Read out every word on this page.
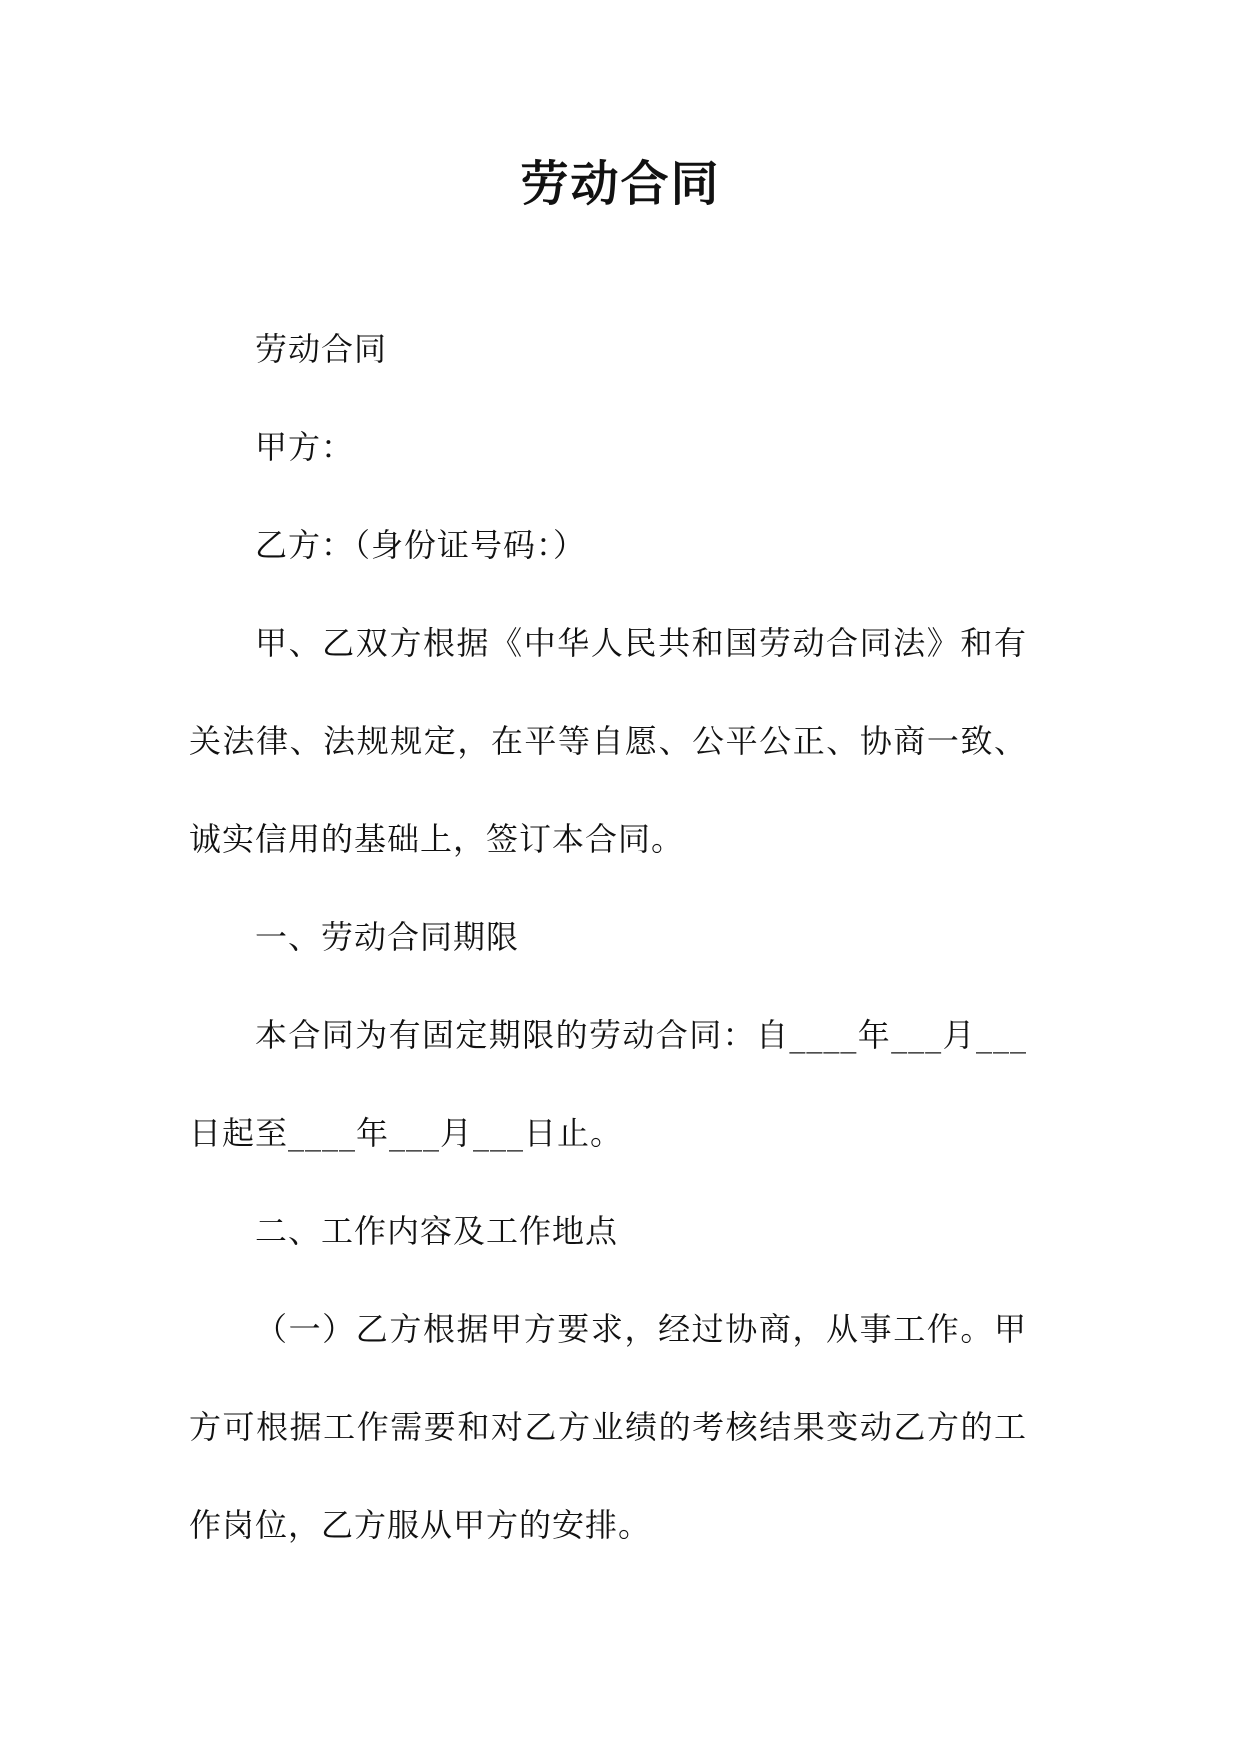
劳动合同

劳动合同

甲方：

乙方：（身份证号码：）

甲、乙双方根据《中华人民共和国劳动合同法》和有关法律、法规规定，在平等自愿、公平公正、协商一致、诚实信用的基础上，签订本合同。

一、劳动合同期限

本合同为有固定期限的劳动合同：自____年___月___日起至____年___月___日止。

二、工作内容及工作地点

（一）乙方根据甲方要求，经过协商，从事工作。甲方可根据工作需要和对乙方业绩的考核结果变动乙方的工作岗位，乙方服从甲方的安排。
